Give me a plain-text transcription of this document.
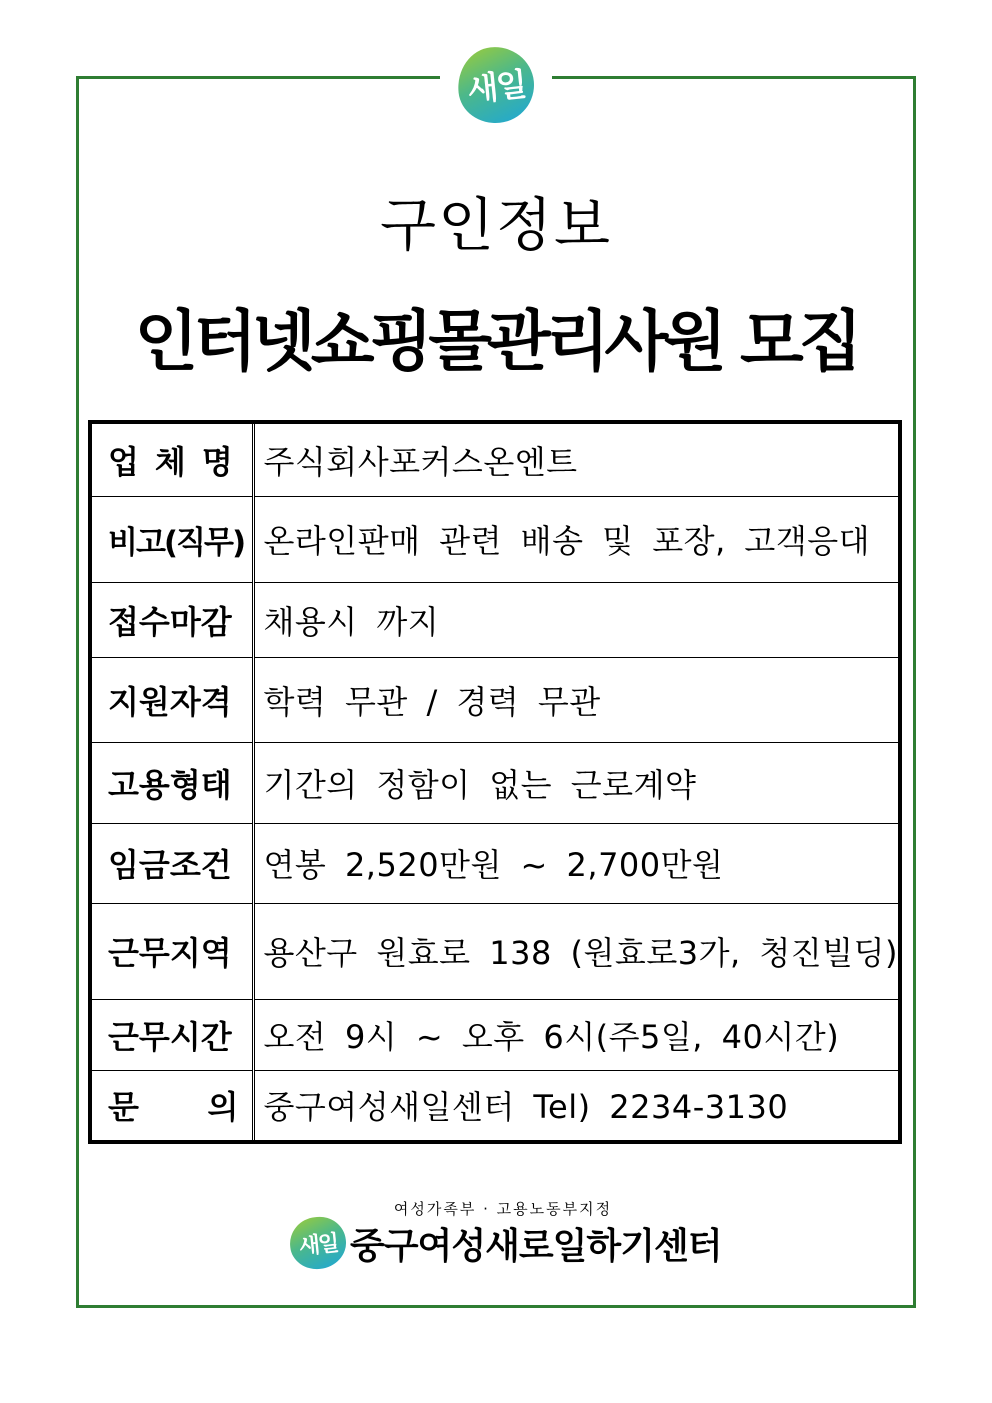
새일
구인정보
인터넷쇼핑몰관리사원 모집
업체명	주식회사포커스온엔트
비고(직무)	온라인판매 관련 배송 및 포장, 고객응대
접수마감	채용시 까지
지원자격	학력 무관 / 경력 무관
고용형태	기간의 정함이 없는 근로계약
임금조건	연봉 2,520만원 ~ 2,700만원
근무지역	용산구 원효로 138 (원효로3가, 청진빌딩)
근무시간	오전 9시 ~ 오후 6시(주5일, 40시간)

문 의	중구여성새일센터 Tel) 2234-3130
여성가족부 · 고용노동부지정
새일 중구여성새로일하기센터
